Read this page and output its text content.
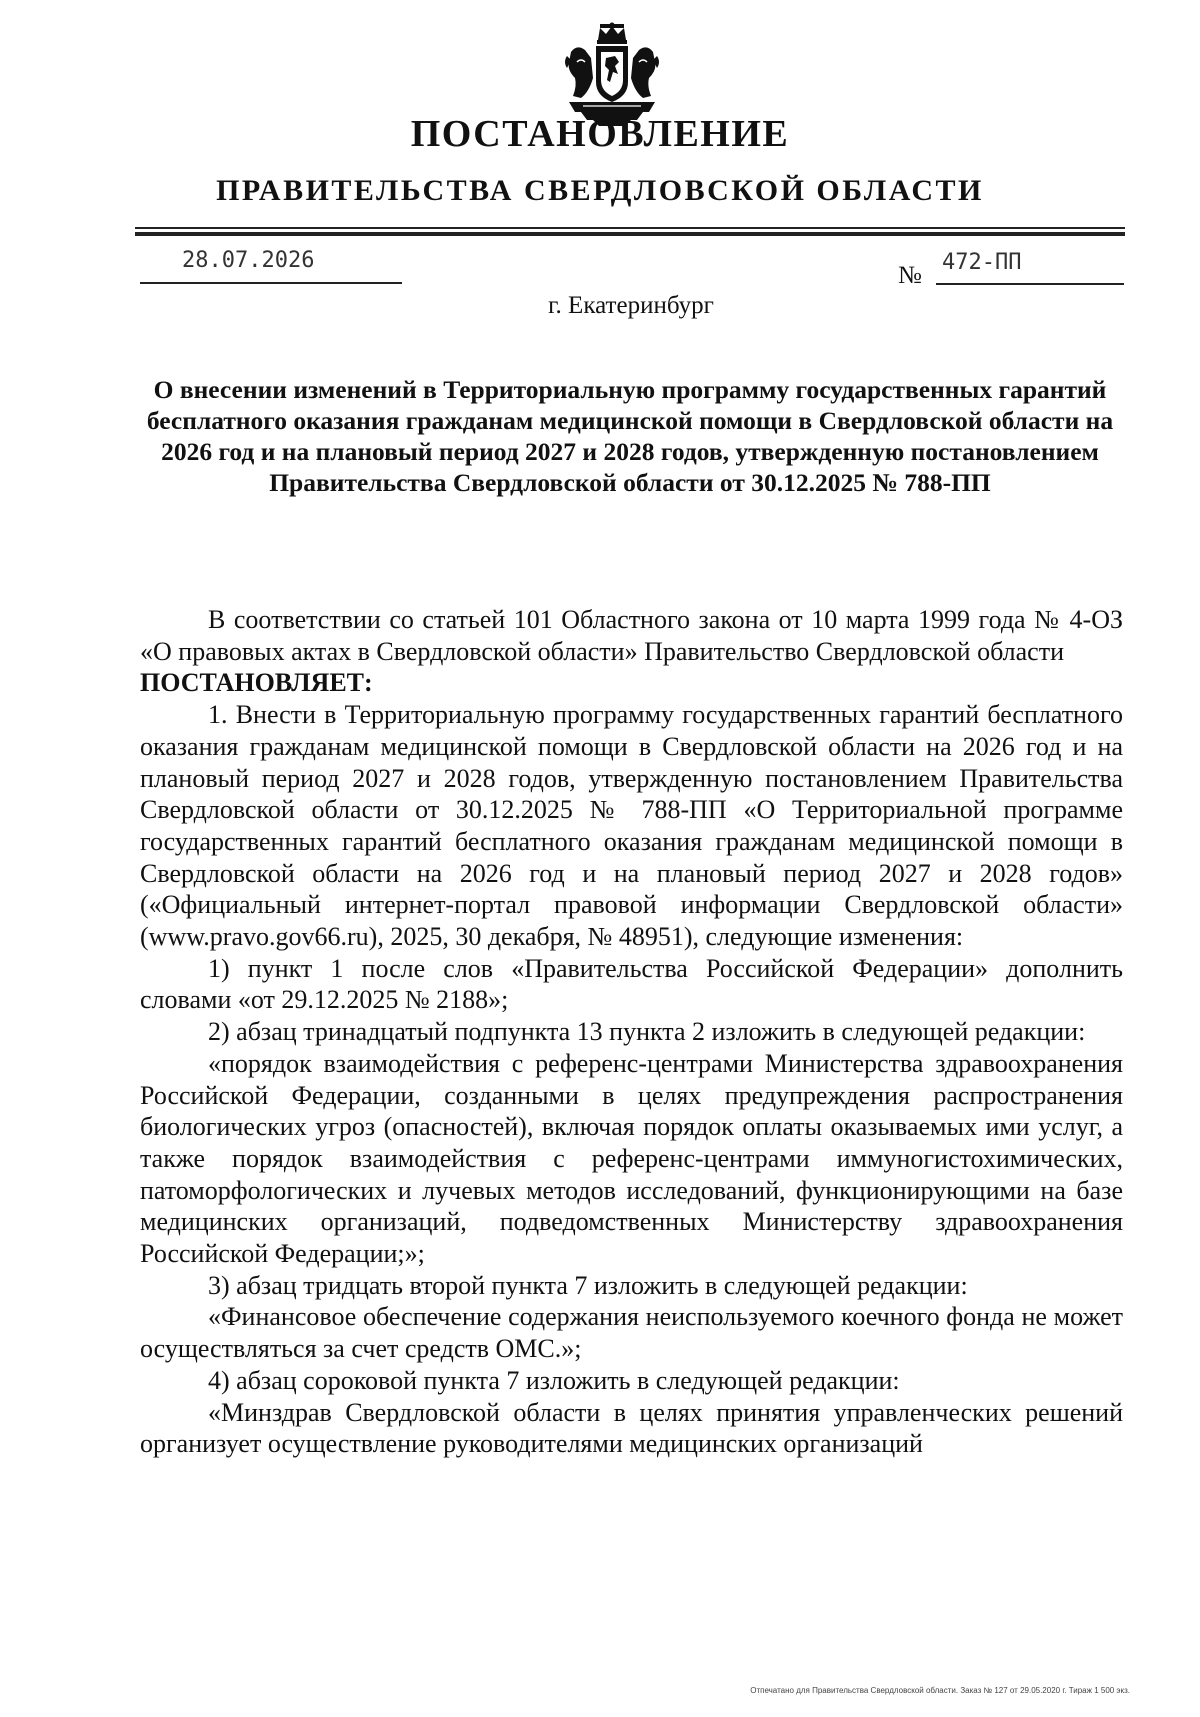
ПОСТАНОВЛЕНИЕ
ПРАВИТЕЛЬСТВА СВЕРДЛОВСКОЙ ОБЛАСТИ
28.07.2026
№ 472-ПП
г. Екатеринбург
О внесении изменений в Территориальную программу государственных гарантий бесплатного оказания гражданам медицинской помощи в Свердловской области на 2026 год и на плановый период 2027 и 2028 годов, утвержденную постановлением Правительства Свердловской области от 30.12.2025 № 788-ПП

В соответствии со статьей 101 Областного закона от 10 марта 1999 года № 4-ОЗ «О правовых актах в Свердловской области» Правительство Свердловской области

ПОСТАНОВЛЯЕТ:

1. Внести в Территориальную программу государственных гарантий бесплатного оказания гражданам медицинской помощи в Свердловской области на 2026 год и на плановый период 2027 и 2028 годов, утвержденную постановлением Правительства Свердловской области от 30.12.2025 № 788-ПП «О Территориальной программе государственных гарантий бесплатного оказания гражданам медицинской помощи в Свердловской области на 2026 год и на плановый период 2027 и 2028 годов» («Официальный интернет-портал правовой информации Свердловской области» (www.pravo.gov66.ru), 2025, 30 декабря, № 48951), следующие изменения:

1) пункт 1 после слов «Правительства Российской Федерации» дополнить словами «от 29.12.2025 № 2188»;

2) абзац тринадцатый подпункта 13 пункта 2 изложить в следующей редакции:

«порядок взаимодействия с референс-центрами Министерства здравоохранения Российской Федерации, созданными в целях предупреждения распространения биологических угроз (опасностей), включая порядок оплаты оказываемых ими услуг, а также порядок взаимодействия с референс-центрами иммуногистохимических, патоморфологических и лучевых методов исследований, функционирующими на базе медицинских организаций, подведомственных Министерству здравоохранения Российской Федерации;»;

3) абзац тридцать второй пункта 7 изложить в следующей редакции:

«Финансовое обеспечение содержания неиспользуемого коечного фонда не может осуществляться за счет средств ОМС.»;

4) абзац сороковой пункта 7 изложить в следующей редакции:

«Минздрав Свердловской области в целях принятия управленческих решений организует осуществление руководителями медицинских организаций

Отпечатано для Правительства Свердловской области. Заказ № 127 от 29.05.2020 г. Тираж 1 500 экз.
